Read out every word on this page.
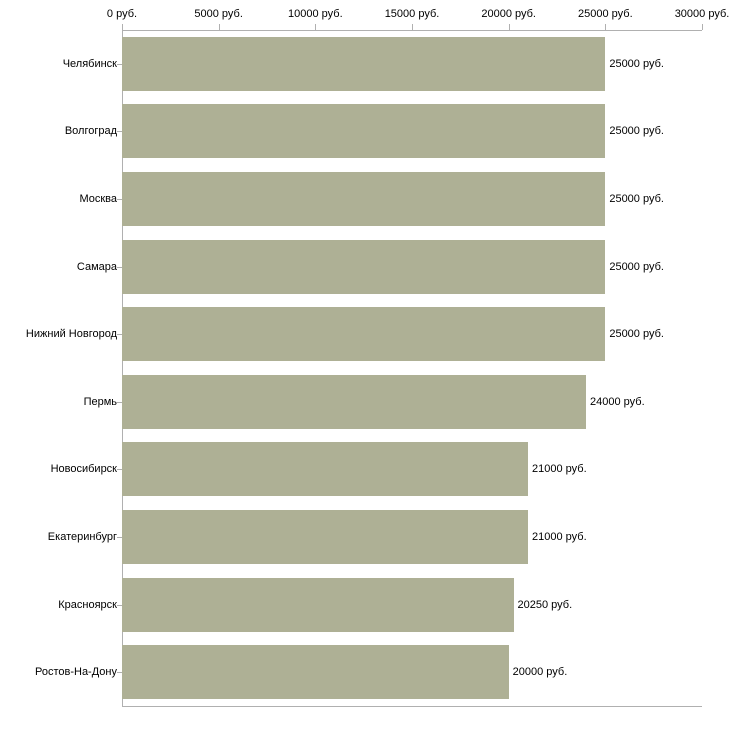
0 руб.	5000 руб.	10000 руб.	15000 руб.	20000 руб.	25000 руб.	30000 руб.
25000 руб.
25000 руб.
25000 руб.
25000 руб.
25000 руб.
24000 руб.
21000 руб.
21000 руб.
20250 руб.
20000 руб.
Челябинск
Волгоград
Москва
Самара
Нижний Новгород
Пермь
Новосибирск
Екатеринбург
Красноярск
Ростов-На-Дону
